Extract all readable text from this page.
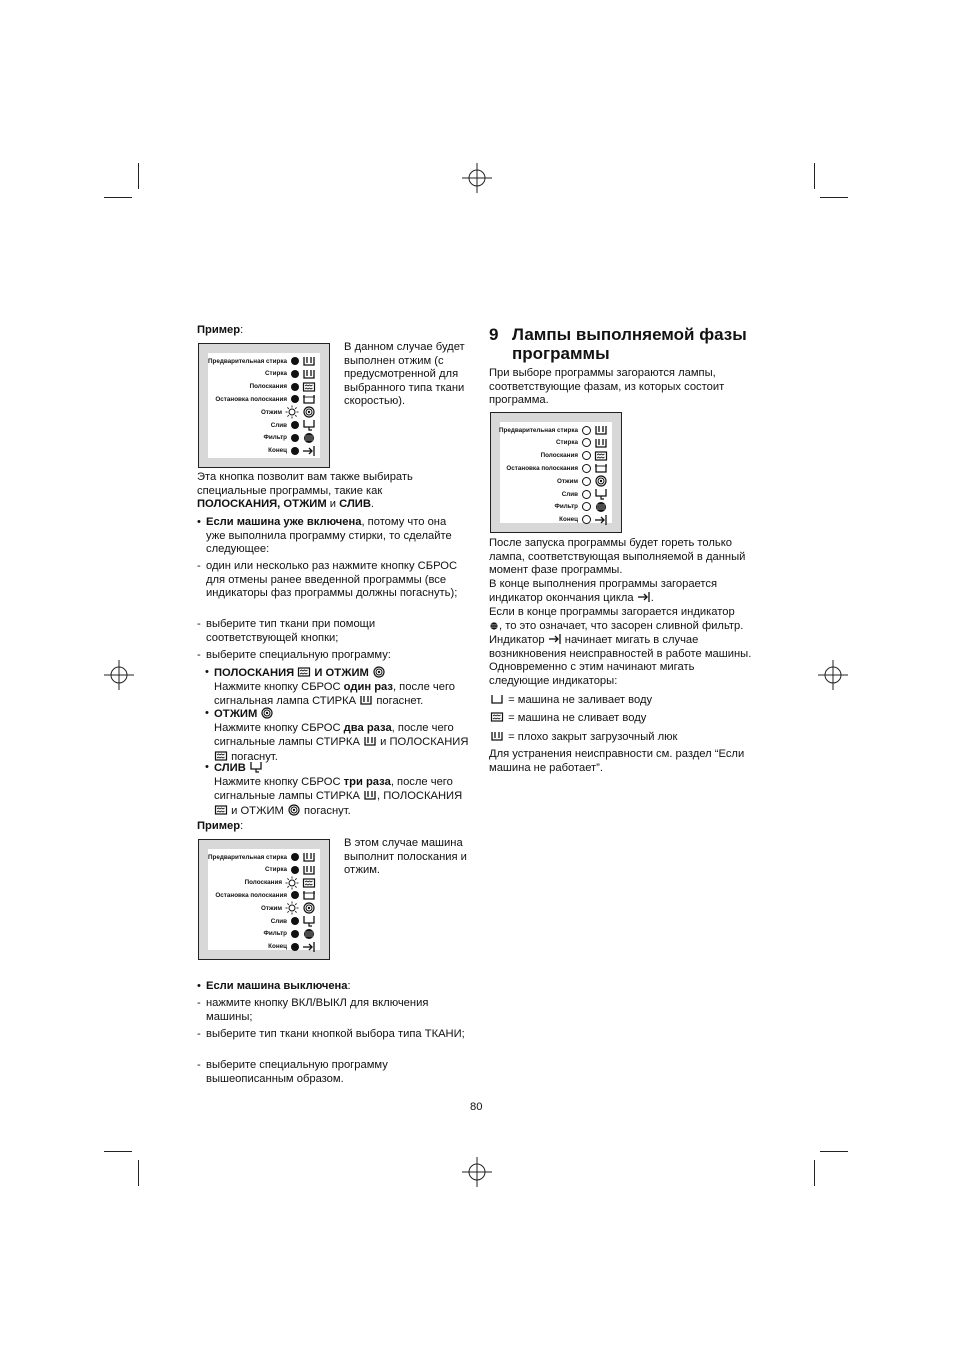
Пример:
Предварительная стирка
Стирка
Полоскания
Остановка полоскания
Отжим
Слив
Фильтр
Конец
В данном случае будет выполнен отжим (с предусмотренной для выбранного типа ткани скоростью).
Эта кнопка позволит вам также выбирать специальные программы, такие как ПОЛОСКАНИЯ, ОТЖИМ и СЛИВ.
• Если машина уже включена, потому что она уже выполнила программу стирки, то сделайте следующее:
- один или несколько раз нажмите кнопку СБРОС для отмены ранее введенной программы (все индикаторы фаз программы должны погаснуть);
- выберите тип ткани при помощи соответствующей кнопки;
- выберите специальную программу:
• ПОЛОСКАНИЯ И ОТЖИМ
Нажмите кнопку СБРОС один раз, после чего сигнальная лампа СТИРКА погаснет.
• ОТЖИМ
Нажмите кнопку СБРОС два раза, после чего сигнальные лампы СТИРКА и ПОЛОСКАНИЯ  погаснут.
• СЛИВ
Нажмите кнопку СБРОС три раза, после чего сигнальные лампы СТИРКА , ПОЛОСКАНИЯ  и ОТЖИМ погаснут.
Пример:
Предварительная стирка
Стирка
Полоскания
Остановка полоскания
Отжим
Слив
Фильтр
Конец
В этом случае машина выполнит полоскания и отжим.
• Если машина выключена:
- нажмите кнопку ВКЛ/ВЫКЛ для включения машины;
- выберите тип ткани кнопкой выбора типа ТКАНИ;
- выберите специальную программу вышеописанным образом.
9 Лампы выполняемой фазы
программы
При выборе программы загораются лампы, соответствующие фазам, из которых состоит программа.
Предварительная стирка
Стирка
Полоскания
Остановка полоскания
Отжим
Слив
Фильтр
Конец
После запуска программы будет гореть только лампа, соответствующая выполняемой в данный момент фазе программы.
В конце выполнения программы загорается индикатор окончания цикла .
Если в конце программы загорается индикатор
, то это означает, что засорен сливной фильтр.
Индикатор начинает мигать в случае возникновения неисправностей в работе машины.
Одновременно с этим начинают мигать следующие индикаторы:
= машина не заливает воду
= машина не сливает воду
= плохо закрыт загрузочный люк
Для устранения неисправности см. раздел “Если машина не работает”.
80
